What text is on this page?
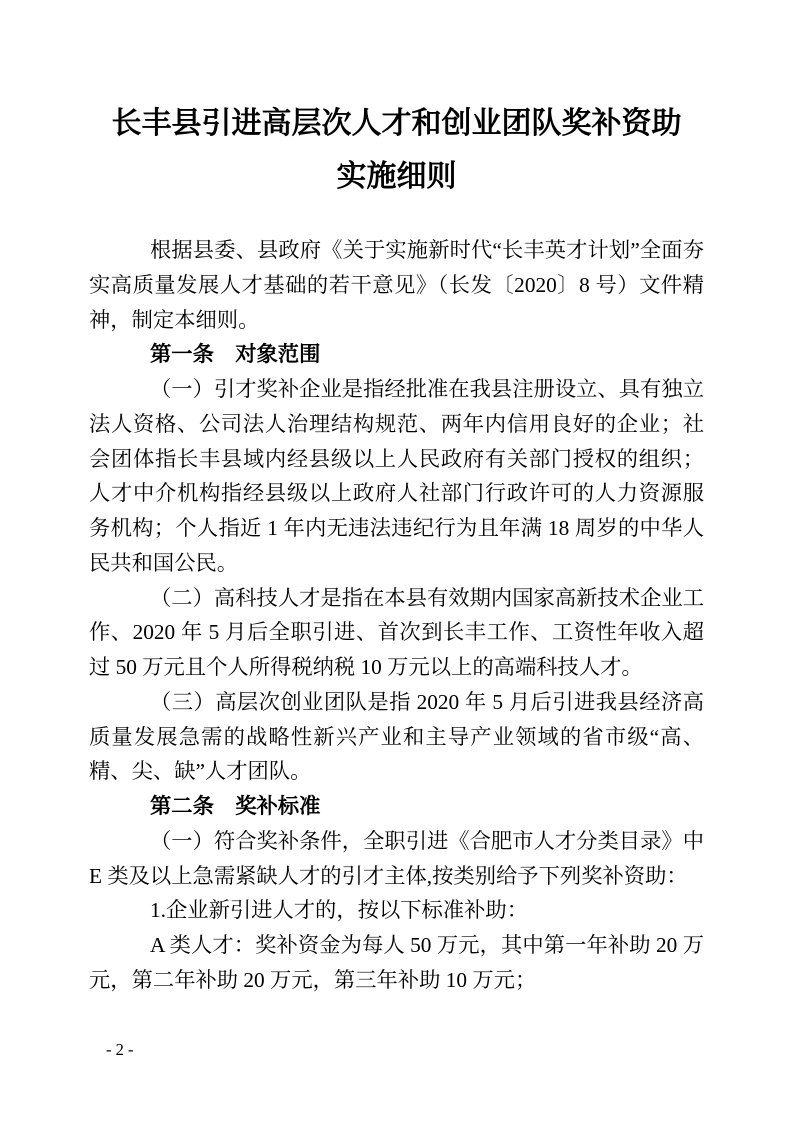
长丰县引进高层次人才和创业团队奖补资助
实施细则

根据县委、县政府《关于实施新时代“长丰英才计划”全面夯实高质量发展人才基础的若干意见》（长发〔2020〕8 号）文件精神，制定本细则。

第一条　对象范围

（一）引才奖补企业是指经批准在我县注册设立、具有独立法人资格、公司法人治理结构规范、两年内信用良好的企业；社会团体指长丰县域内经县级以上人民政府有关部门授权的组织；人才中介机构指经县级以上政府人社部门行政许可的人力资源服务机构；个人指近 1 年内无违法违纪行为且年满 18 周岁的中华人民共和国公民。

（二）高科技人才是指在本县有效期内国家高新技术企业工作、2020 年 5 月后全职引进、首次到长丰工作、工资性年收入超过 50 万元且个人所得税纳税 10 万元以上的高端科技人才。

（三）高层次创业团队是指 2020 年 5 月后引进我县经济高质量发展急需的战略性新兴产业和主导产业领域的省市级“高、精、尖、缺”人才团队。

第二条　奖补标准

（一）符合奖补条件，全职引进《合肥市人才分类目录》中 E 类及以上急需紧缺人才的引才主体,按类别给予下列奖补资助：

1.企业新引进人才的，按以下标准补助：

A 类人才：奖补资金为每人 50 万元，其中第一年补助 20 万元，第二年补助 20 万元，第三年补助 10 万元；

- 2 -
